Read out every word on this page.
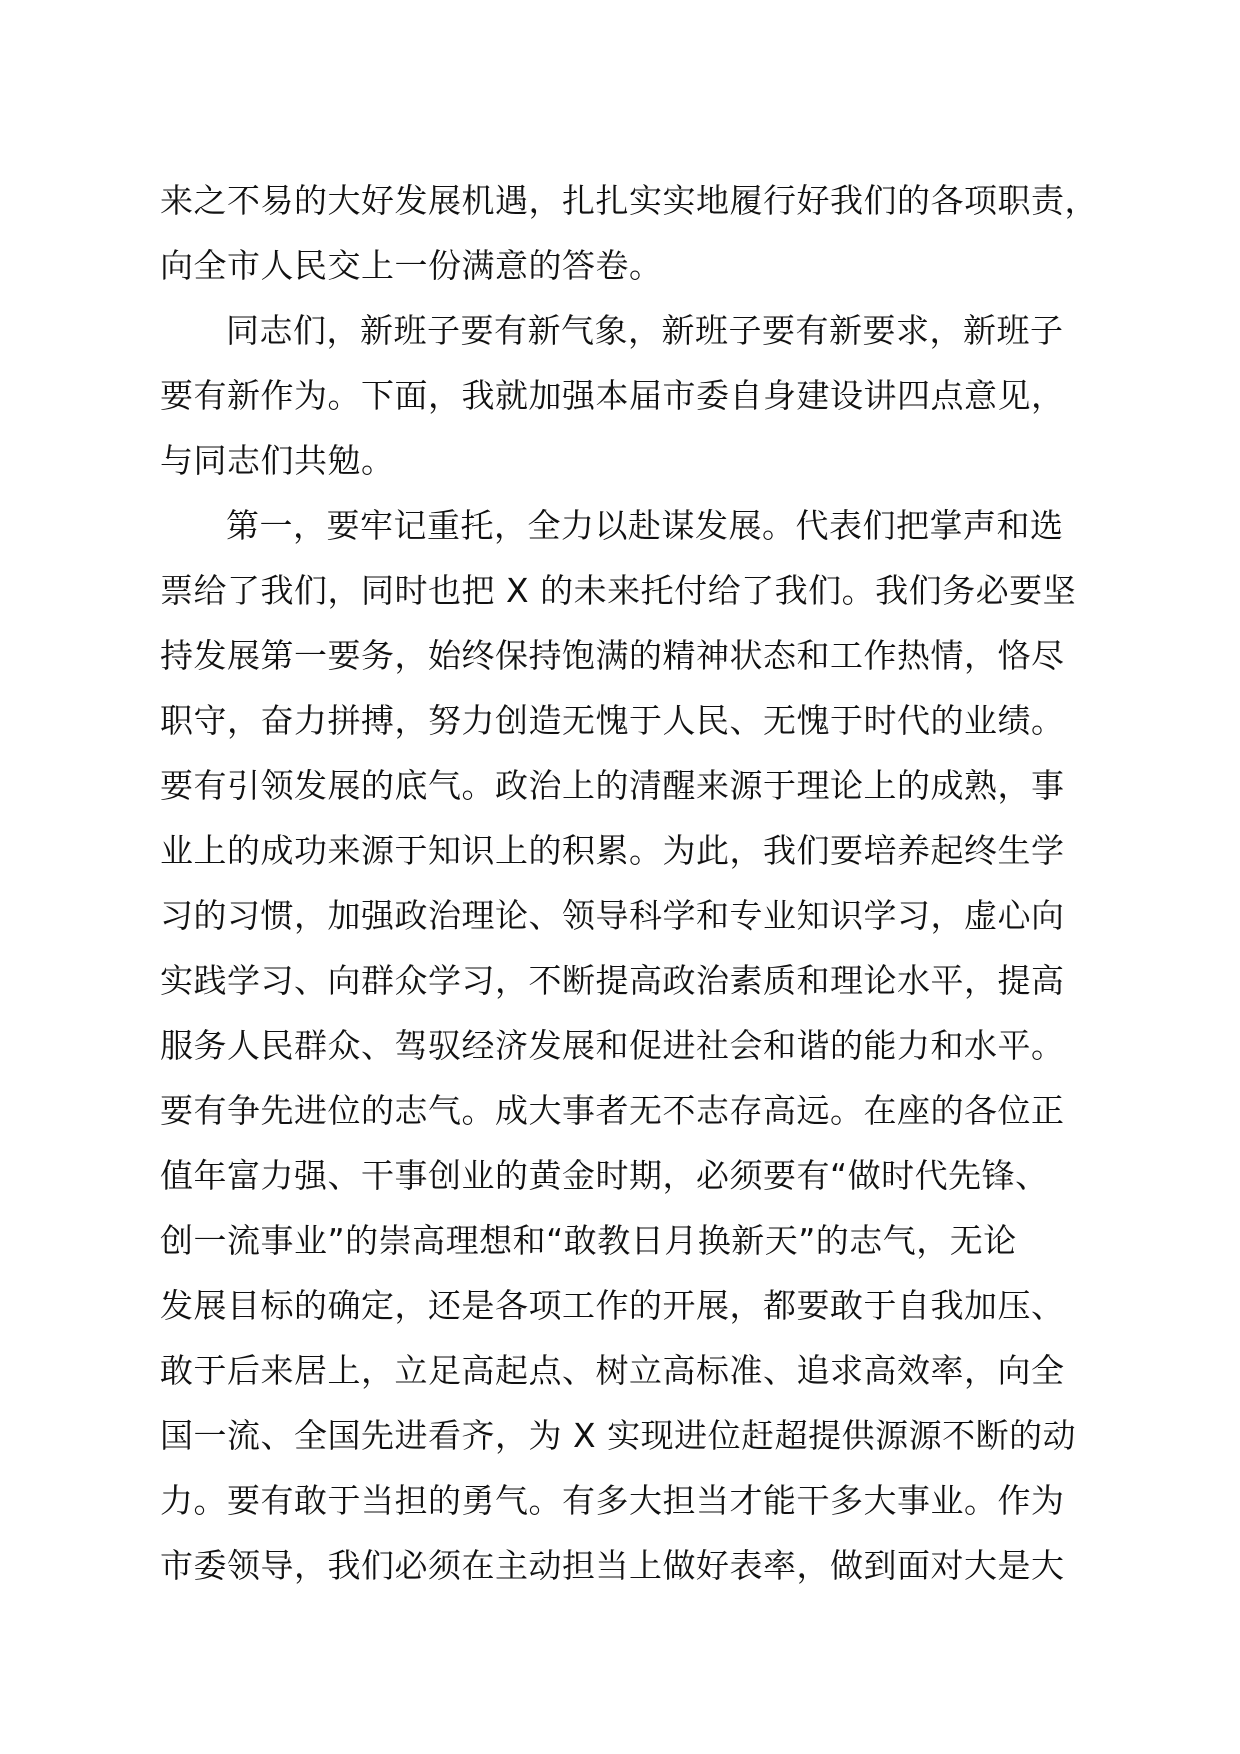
来之不易的大好发展机遇，扎扎实实地履行好我们的各项职责，
向全市人民交上一份满意的答卷。
同志们，新班子要有新气象，新班子要有新要求，新班子
要有新作为。下面，我就加强本届市委自身建设讲四点意见，
与同志们共勉。
第一，要牢记重托，全力以赴谋发展。代表们把掌声和选
票给了我们，同时也把 X 的未来托付给了我们。我们务必要坚
持发展第一要务，始终保持饱满的精神状态和工作热情，恪尽
职守，奋力拼搏，努力创造无愧于人民、无愧于时代的业绩。
要有引领发展的底气。政治上的清醒来源于理论上的成熟，事
业上的成功来源于知识上的积累。为此，我们要培养起终生学
习的习惯，加强政治理论、领导科学和专业知识学习，虚心向
实践学习、向群众学习，不断提高政治素质和理论水平，提高
服务人民群众、驾驭经济发展和促进社会和谐的能力和水平。
要有争先进位的志气。成大事者无不志存高远。在座的各位正
值年富力强、干事创业的黄金时期，必须要有“做时代先锋、
创一流事业”的崇高理想和“敢教日月换新天”的志气，无论
发展目标的确定，还是各项工作的开展，都要敢于自我加压、
敢于后来居上，立足高起点、树立高标准、追求高效率，向全
国一流、全国先进看齐，为 X 实现进位赶超提供源源不断的动
力。要有敢于当担的勇气。有多大担当才能干多大事业。作为
市委领导，我们必须在主动担当上做好表率，做到面对大是大
